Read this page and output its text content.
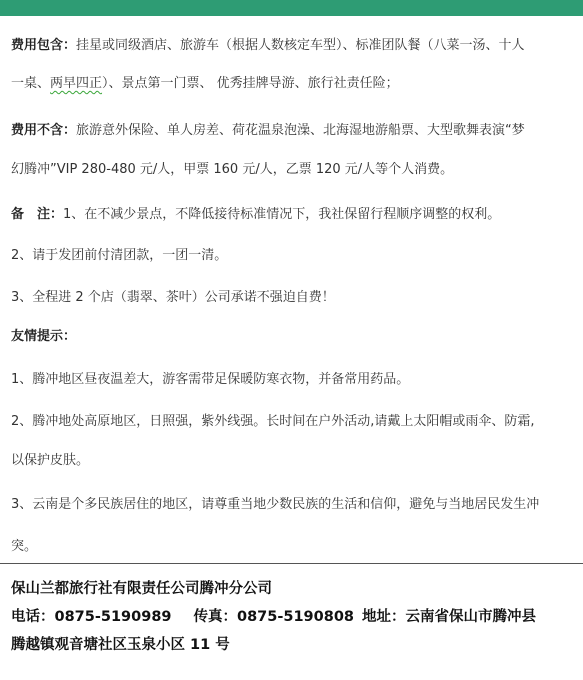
费用包含：挂星或同级酒店、旅游车（根据人数核定车型）、标准团队餐（八菜一汤、十人

一桌、两早四正）、景点第一门票、 优秀挂牌导游、旅行社责任险；

费用不含：旅游意外保险、单人房差、荷花温泉泡澡、北海湿地游船票、大型歌舞表演“梦

幻腾冲”VIP 280-480 元/人，甲票 160 元/人，乙票 120 元/人等个人消费。

备　注：1、在不减少景点，不降低接待标准情况下，我社保留行程顺序调整的权利。

2、请于发团前付清团款，一团一清。

3、全程进 2 个店（翡翠、茶叶）公司承诺不强迫自费！

友情提示：

1、腾冲地区昼夜温差大，游客需带足保暖防寒衣物，并备常用药品。

2、腾冲地处高原地区，日照强，紫外线强。长时间在户外活动,请戴上太阳帽或雨伞、防霜,

以保护皮肤。

3、云南是个多民族居住的地区，请尊重当地少数民族的生活和信仰，避免与当地居民发生冲

突。

保山兰都旅行社有限责任公司腾冲分公司

电话：0875-5190989 传真：0875-5190808 地址：云南省保山市腾冲县

腾越镇观音塘社区玉泉小区 11 号
